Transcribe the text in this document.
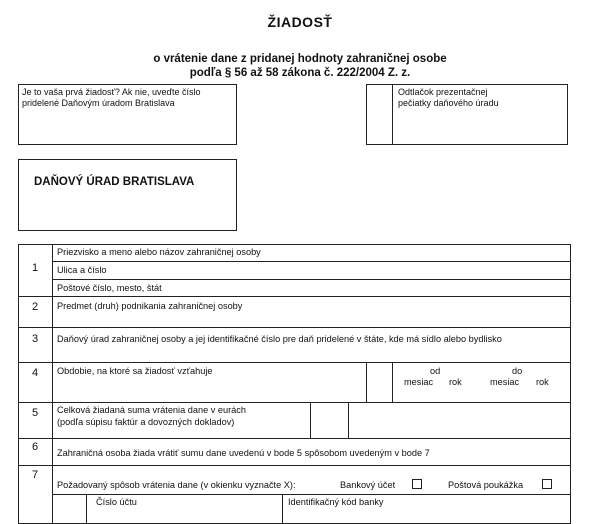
ŽIADOSŤ
o vrátenie dane z pridanej hodnoty zahraničnej osobe
podľa § 56 až 58 zákona č. 222/2004 Z. z.
Je to vaša prvá žiadosť? Ak nie, uveďte číslo
pridelené Daňovým úradom Bratislava
Odtlačok prezentačnej
pečiatky daňového úradu
DAŇOVÝ ÚRAD BRATISLAVA
1
Priezvisko a meno alebo názov zahraničnej osoby
Ulica a číslo
Poštové číslo, mesto, štát
2	Predmet (druh) podnikania zahraničnej osoby
3	Daňový úrad zahraničnej osoby a jej identifikačné číslo pre daň pridelené v štáte, kde má sídlo alebo bydlisko
4	Obdobie, na ktoré sa žiadosť vzťahuje	od	do
mesiac rok	mesiac rok
5	Celková žiadaná suma vrátenia dane v eurách
(podľa súpisu faktúr a dovozných dokladov)
6	Zahraničná osoba žiada vrátiť sumu dane uvedenú v bode 5 spôsobom uvedeným v bode 7
7
Požadovaný spôsob vrátenia dane (v okienku vyznačte X):	Bankový účet	Poštová poukážka
Číslo účtu	Identifikačný kód banky
